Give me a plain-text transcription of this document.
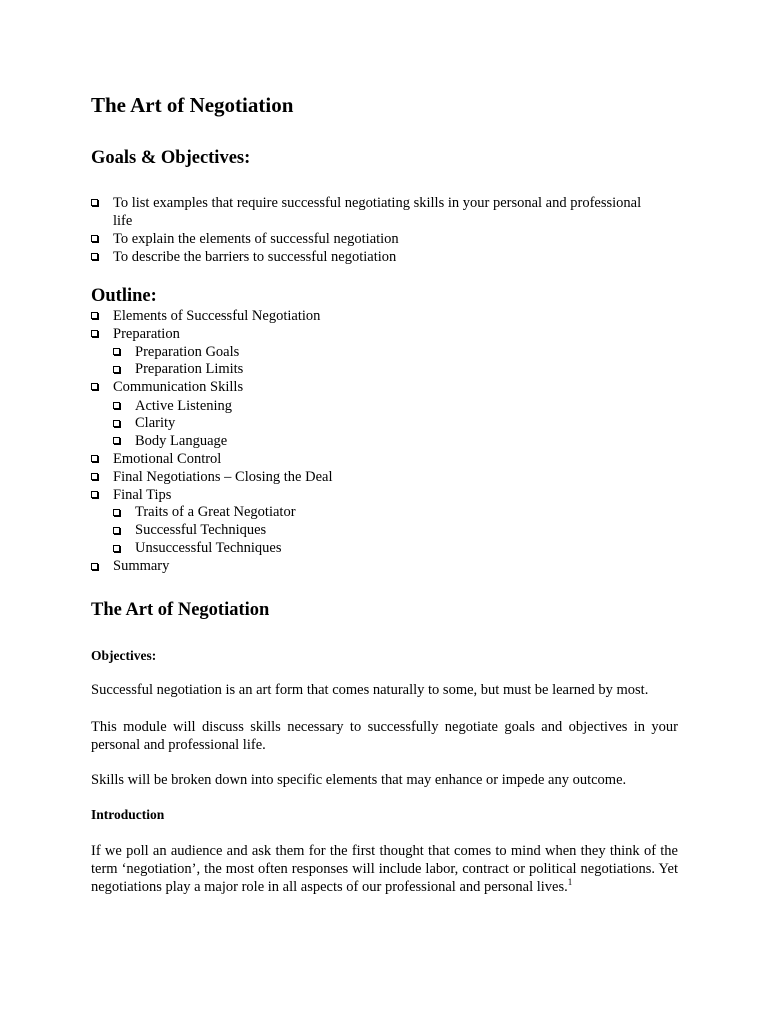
The Art of Negotiation
Goals & Objectives:
To list examples that require successful negotiating skills in your personal and professional
life
To explain the elements of successful negotiation
To describe the barriers to successful negotiation
Outline:
Elements of Successful Negotiation
Preparation
Preparation Goals
Preparation Limits
Communication Skills
Active Listening
Clarity
Body Language
Emotional Control
Final Negotiations – Closing the Deal
Final Tips
Traits of a Great Negotiator
Successful Techniques
Unsuccessful Techniques
Summary
The Art of Negotiation
Objectives:
Successful negotiation is an art form that comes naturally to some, but must be learned by most.
This module will discuss skills necessary to successfully negotiate goals and objectives in your personal and professional life.
Skills will be broken down into specific elements that may enhance or impede any outcome.
Introduction
If we poll an audience and ask them for the first thought that comes to mind when they think of the term ‘negotiation’, the most often responses will include labor, contract or political negotiations. Yet negotiations play a major role in all aspects of our professional and personal lives.$^1$
